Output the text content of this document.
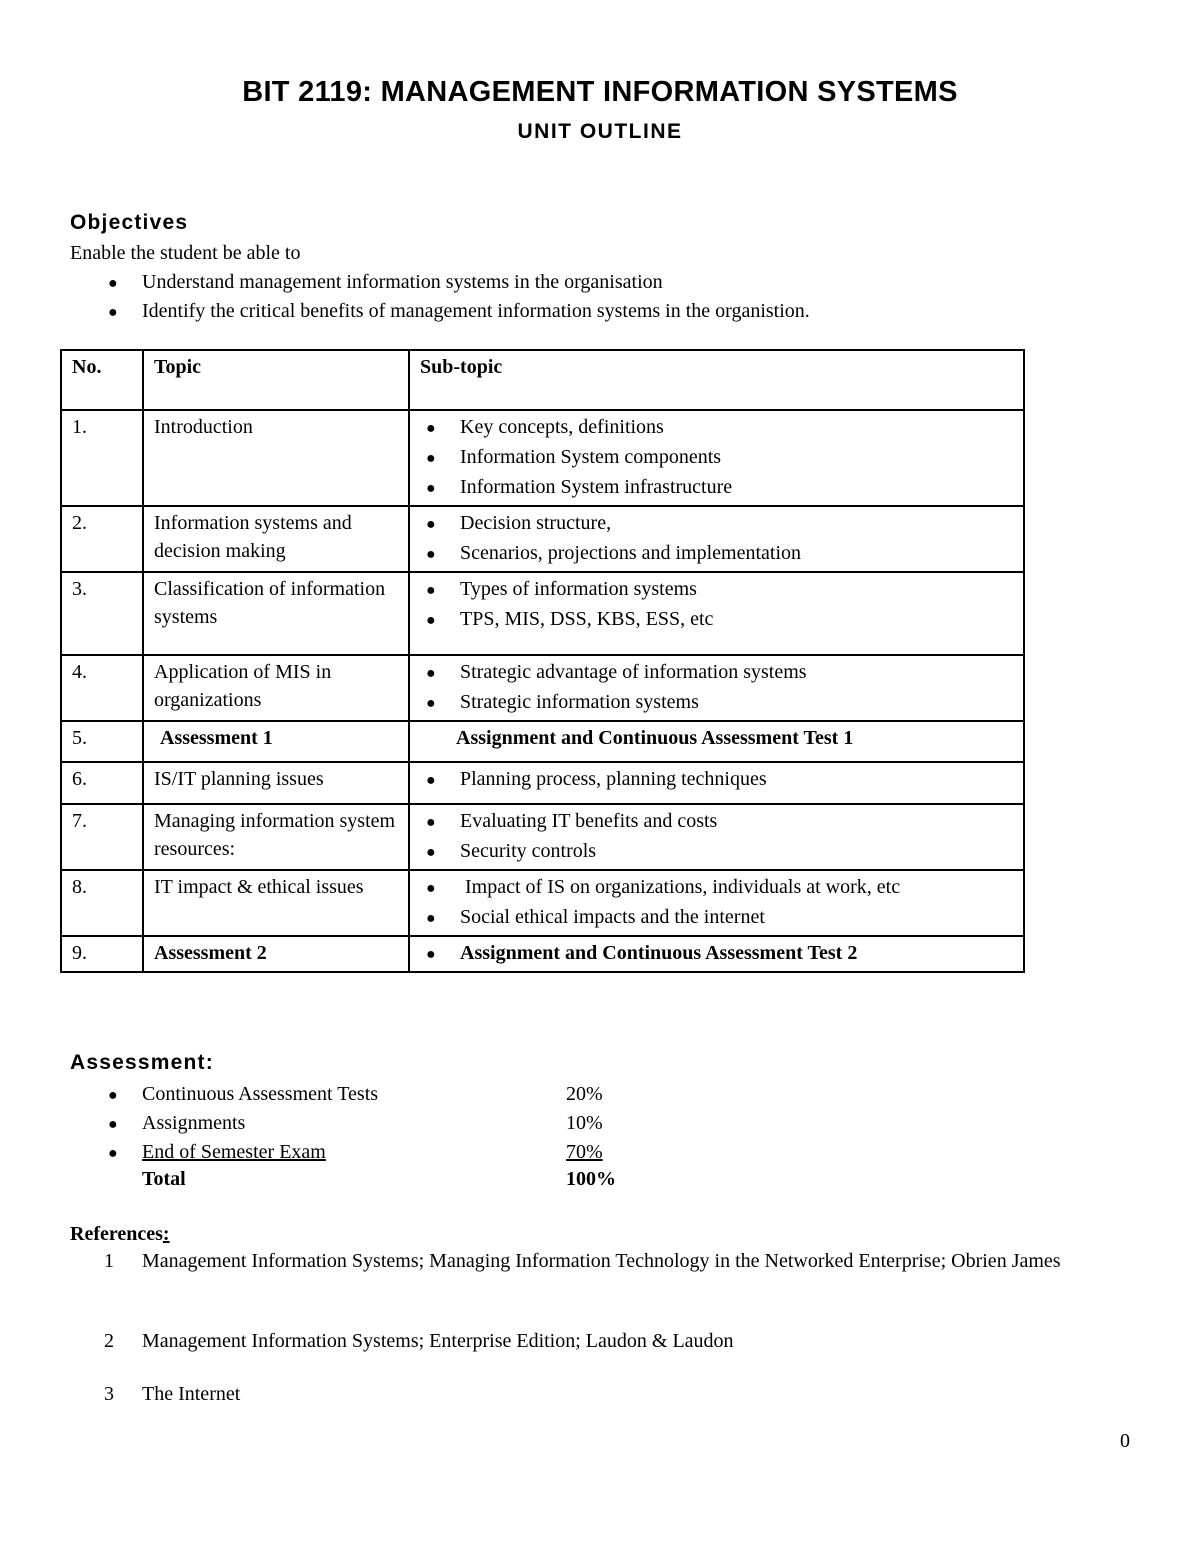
BIT 2119: MANAGEMENT INFORMATION SYSTEMS
UNIT OUTLINE
Objectives
Enable the student be able to
● Understand management information systems in the organisation
● Identify the critical benefits of management information systems in the organistion.
No.	Topic	Sub-topic
1.	Introduction	● Key concepts, definitions
● Information System components
● Information System infrastructure

2.	Information systems and decision making	● Decision structure,
● Scenarios, projections and implementation

3.	Classification of information systems	● Types of information systems
● TPS, MIS, DSS, KBS, ESS, etc

4.	Application of MIS in organizations	● Strategic advantage of information systems
● Strategic information systems

5.	Assessment 1	Assignment and Continuous Assessment Test 1
6.	IS/IT planning issues	● Planning process, planning techniques

7.	Managing information system resources:	● Evaluating IT benefits and costs
● Security controls

8.	IT impact & ethical issues	● Impact of IS on organizations, individuals at work, etc
● Social ethical impacts and the internet

9.	Assessment 2	● Assignment and Continuous Assessment Test 2
Assessment:
● Continuous Assessment Tests	20%
● Assignments	10%
● End of Semester Exam	70%
Total	100%
References:
1 Management Information Systems; Managing Information Technology in the Networked Enterprise; Obrien James
2 Management Information Systems; Enterprise Edition; Laudon & Laudon
3 The Internet
0
